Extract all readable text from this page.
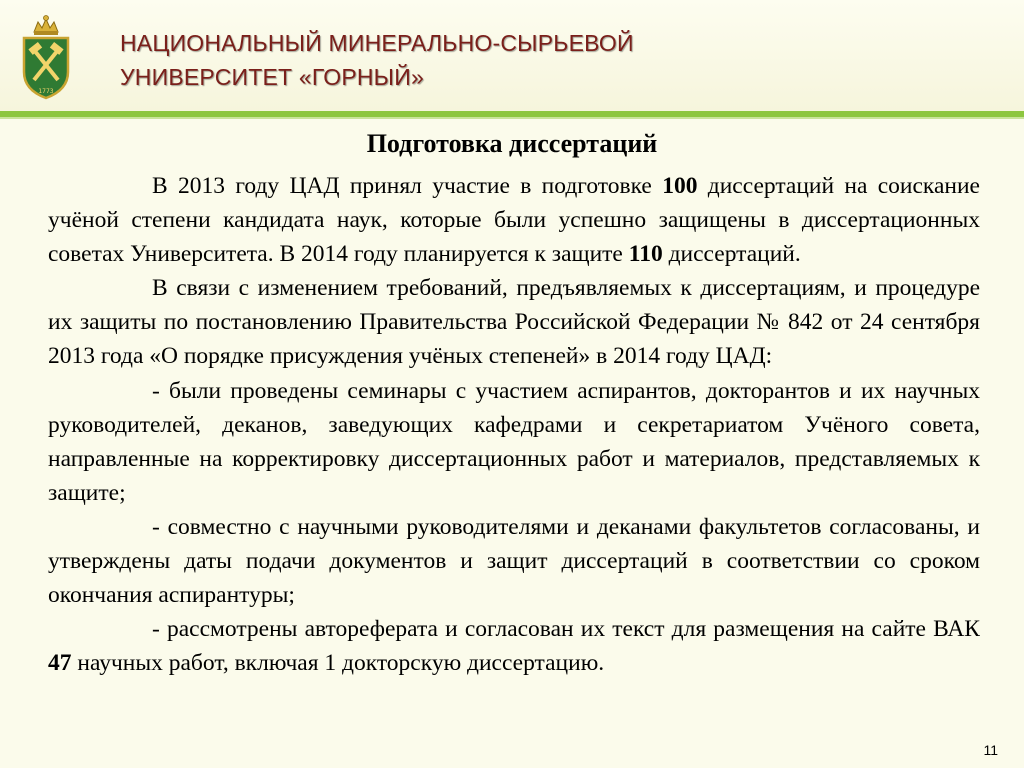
1773
НАЦИОНАЛЬНЫЙ МИНЕРАЛЬНО-СЫРЬЕВОЙ
УНИВЕРСИТЕТ «ГОРНЫЙ»
Подготовка диссертаций

В 2013 году ЦАД принял участие в подготовке 100 диссертаций на соискание учёной степени кандидата наук, которые были успешно защищены в диссертационных советах Университета. В 2014 году планируется к защите 110 диссертаций.

В связи с изменением требований, предъявляемых к диссертациям, и процедуре их защиты по постановлению Правительства Российской Федерации № 842 от 24 сентября 2013 года «О порядке присуждения учёных степеней» в 2014 году ЦАД:

- были проведены семинары с участием аспирантов, докторантов и их научных руководителей, деканов, заведующих кафедрами и секретариатом Учёного совета, направленные на корректировку диссертационных работ и материалов, представляемых к защите;

- совместно с научными руководителями и деканами факультетов согласованы, и утверждены даты подачи документов и защит диссертаций в соответствии со сроком окончания аспирантуры;

- рассмотрены автореферата и согласован их текст для размещения на сайте ВАК 47 научных работ, включая 1 докторскую диссертацию.

11
